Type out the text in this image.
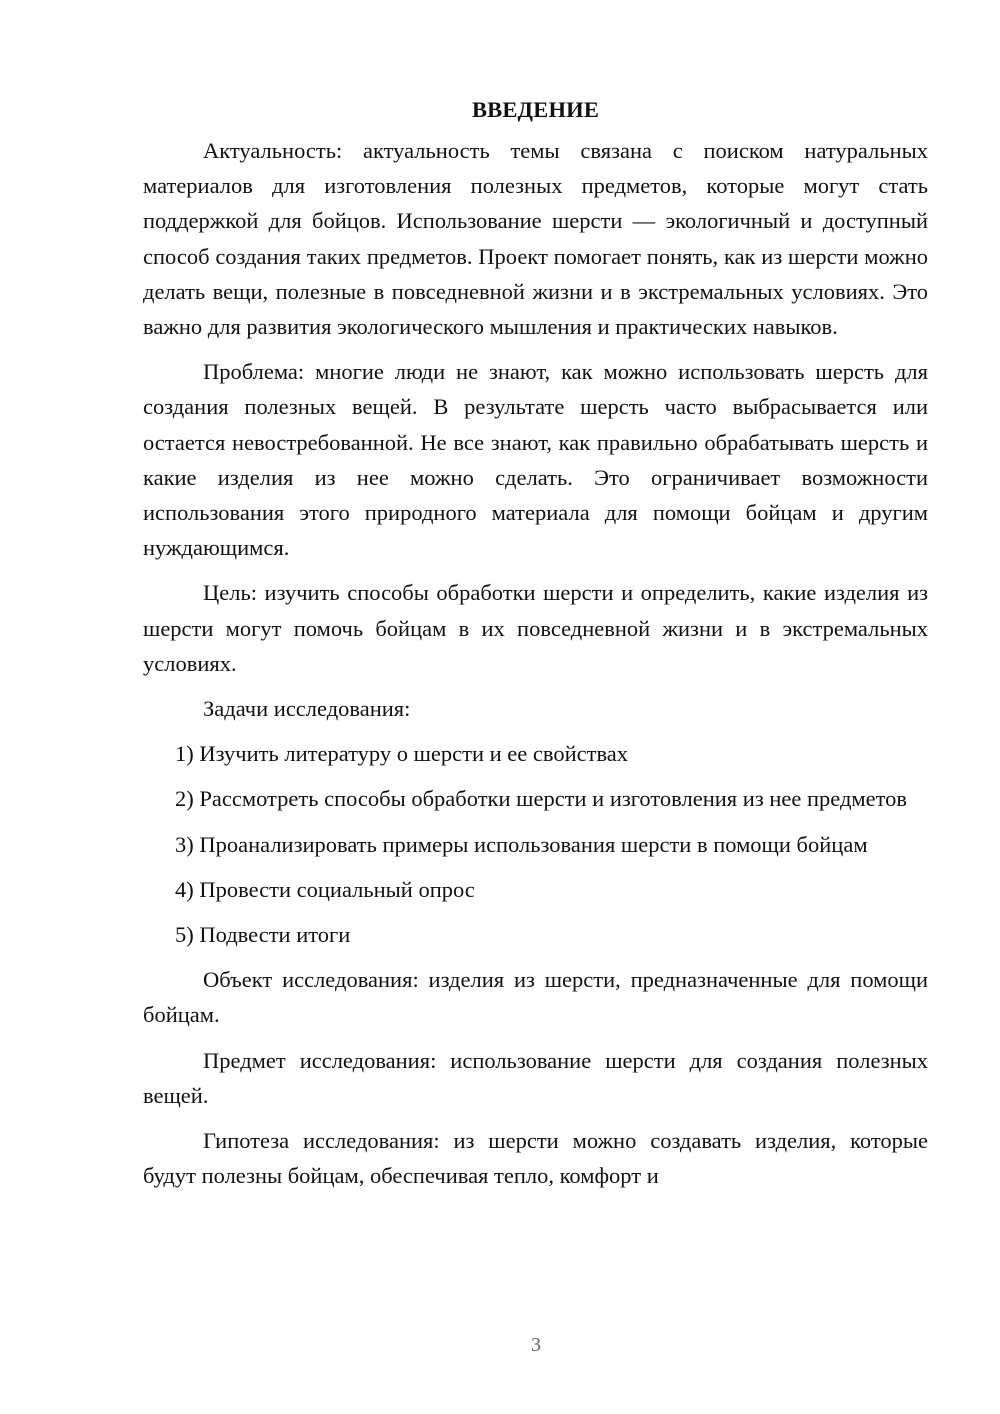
ВВЕДЕНИЕ

Актуальность: актуальность темы связана с поиском натуральных материалов для изготовления полезных предметов, которые могут стать поддержкой для бойцов. Использование шерсти — экологичный и доступный способ создания таких предметов. Проект помогает понять, как из шерсти можно делать вещи, полезные в повседневной жизни и в экстремальных условиях. Это важно для развития экологического мышления и практических навыков.

Проблема: многие люди не знают, как можно использовать шерсть для создания полезных вещей. В результате шерсть часто выбрасывается или остается невостребованной. Не все знают, как правильно обрабатывать шерсть и какие изделия из нее можно сделать. Это ограничивает возможности использования этого природного материала для помощи бойцам и другим нуждающимся.

Цель: изучить способы обработки шерсти и определить, какие изделия из шерсти могут помочь бойцам в их повседневной жизни и в экстремальных условиях.

Задачи исследования:

1) Изучить литературу о шерсти и ее свойствах

2) Рассмотреть способы обработки шерсти и изготовления из нее предметов

3) Проанализировать примеры использования шерсти в помощи бойцам

4) Провести социальный опрос

5) Подвести итоги

Объект исследования: изделия из шерсти, предназначенные для помощи бойцам.

Предмет исследования: использование шерсти для создания полезных вещей.

Гипотеза исследования: из шерсти можно создавать изделия, которые будут полезны бойцам, обеспечивая тепло, комфорт и

3
